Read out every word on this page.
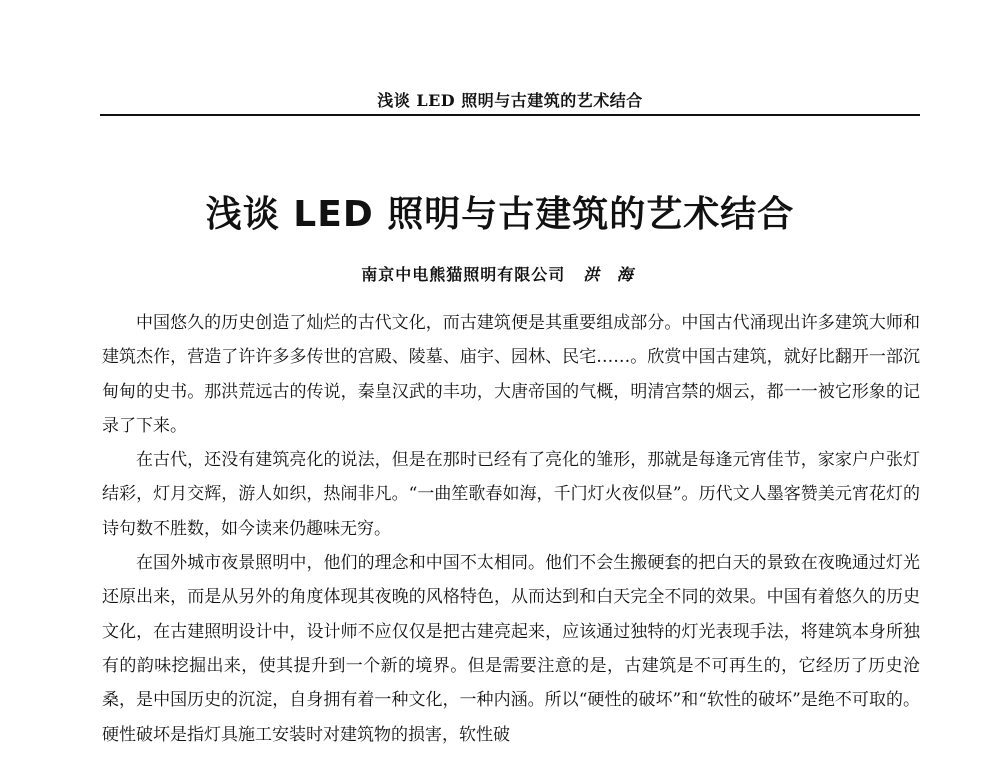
浅谈 LED 照明与古建筑的艺术结合
浅谈 LED 照明与古建筑的艺术结合
南京中电熊猫照明有限公司 洪 海

中国悠久的历史创造了灿烂的古代文化，而古建筑便是其重要组成部分。中国古代涌现出许多建筑大师和建筑杰作，营造了许许多多传世的宫殿、陵墓、庙宇、园林、民宅……。欣赏中国古建筑，就好比翻开一部沉甸甸的史书。那洪荒远古的传说，秦皇汉武的丰功，大唐帝国的气概，明清宫禁的烟云，都一一被它形象的记录了下来。

在古代，还没有建筑亮化的说法，但是在那时已经有了亮化的雏形，那就是每逢元宵佳节，家家户户张灯结彩，灯月交辉，游人如织，热闹非凡。“一曲笙歌春如海，千门灯火夜似昼”。历代文人墨客赞美元宵花灯的诗句数不胜数，如今读来仍趣味无穷。

在国外城市夜景照明中，他们的理念和中国不太相同。他们不会生搬硬套的把白天的景致在夜晚通过灯光还原出来，而是从另外的角度体现其夜晚的风格特色，从而达到和白天完全不同的效果。中国有着悠久的历史文化，在古建照明设计中，设计师不应仅仅是把古建亮起来，应该通过独特的灯光表现手法，将建筑本身所独有的韵味挖掘出来，使其提升到一个新的境界。但是需要注意的是，古建筑是不可再生的，它经历了历史沧桑，是中国历史的沉淀，自身拥有着一种文化，一种内涵。所以“硬性的破坏”和“软性的破坏”是绝不可取的。硬性破坏是指灯具施工安装时对建筑物的损害，软性破
